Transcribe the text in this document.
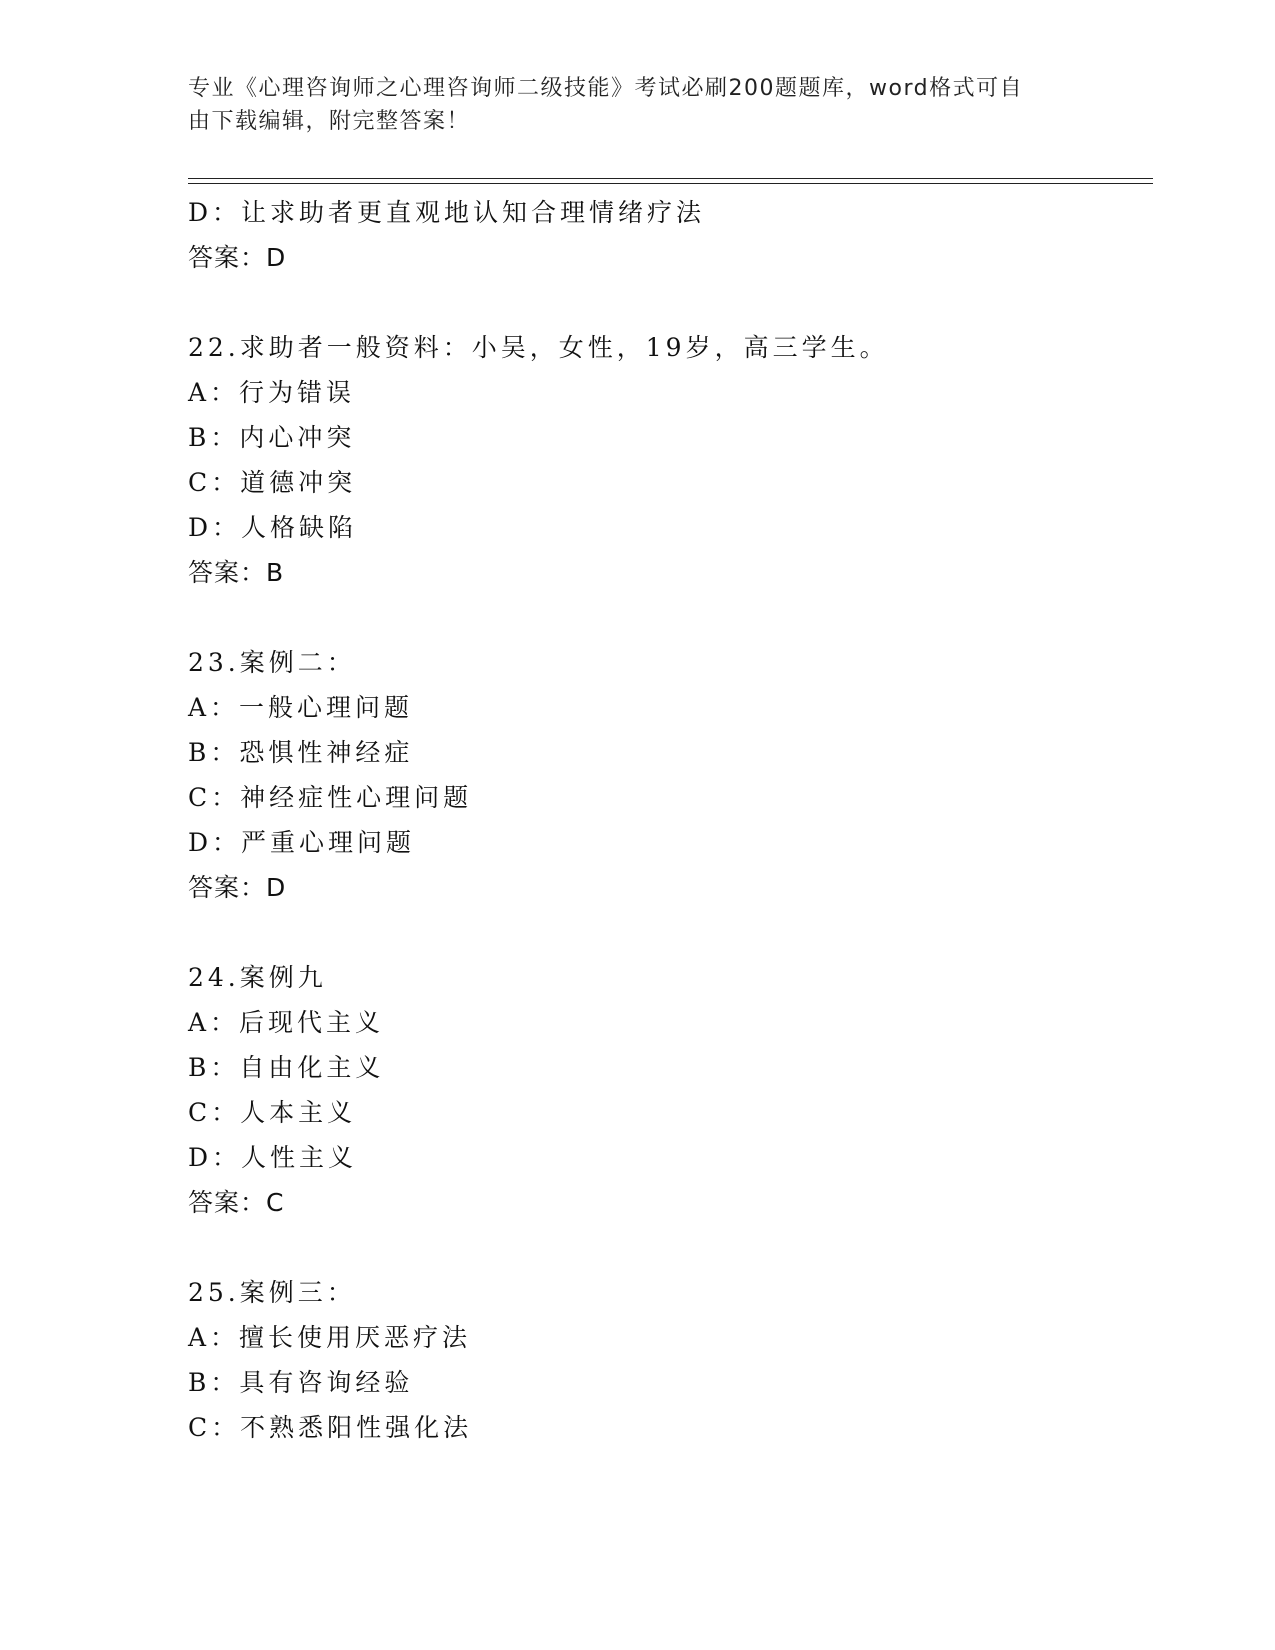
专业《心理咨询师之心理咨询师二级技能》考试必刷200题题库，word格式可自
由下载编辑，附完整答案！
D：让求助者更直观地认知合理情绪疗法
答案：D
22.求助者一般资料：小吴，女性，19岁，高三学生。
A：行为错误
B：内心冲突
C：道德冲突
D：人格缺陷
答案：B
23.案例二：
A：一般心理问题
B：恐惧性神经症
C：神经症性心理问题
D：严重心理问题
答案：D
24.案例九
A：后现代主义
B：自由化主义
C：人本主义
D：人性主义
答案：C
25.案例三：
A：擅长使用厌恶疗法
B：具有咨询经验
C：不熟悉阳性强化法
